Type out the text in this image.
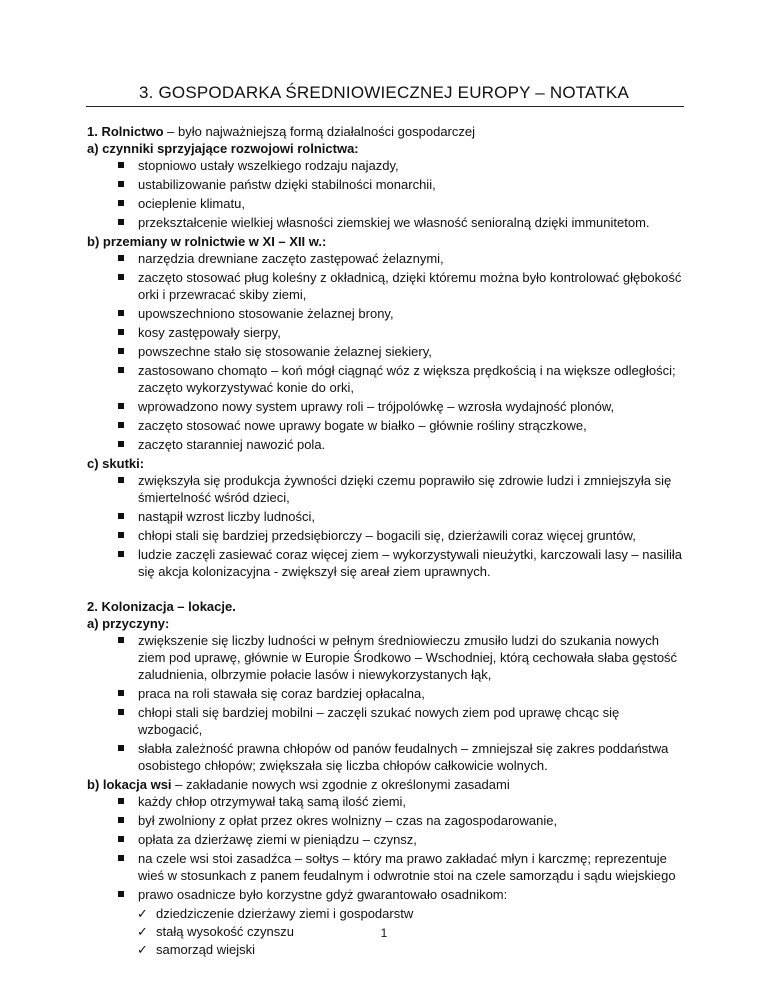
3. GOSPODARKA ŚREDNIOWIECZNEJ EUROPY – NOTATKA
1. Rolnictwo – było najważniejszą formą działalności gospodarczej
a) czynniki sprzyjające rozwojowi rolnictwa:
stopniowo ustały wszelkiego rodzaju najazdy,
ustabilizowanie państw dzięki stabilności monarchii,
ocieplenie klimatu,
przekształcenie wielkiej własności ziemskiej we własność senioralną dzięki immunitetom.
b) przemiany w rolnictwie w XI – XII w.:
narzędzia drewniane zaczęto zastępować żelaznymi,
zaczęto stosować pług koleśny z okładnicą, dzięki któremu można było kontrolować głębokość orki i przewracać skiby ziemi,
upowszechniono stosowanie żelaznej brony,
kosy zastępowały sierpy,
powszechne stało się stosowanie żelaznej siekiery,
zastosowano chomąto – koń mógł ciągnąć wóz z większa prędkością i na większe odległości; zaczęto wykorzystywać konie do orki,
wprowadzono nowy system uprawy roli – trójpolówkę – wzrosła wydajność plonów,
zaczęto stosować nowe uprawy bogate w białko – głównie rośliny strączkowe,
zaczęto staranniej nawozić pola.
c) skutki:
zwiększyła się produkcja żywności dzięki czemu poprawiło się zdrowie ludzi i zmniejszyła się śmiertelność wśród dzieci,
nastąpił wzrost liczby ludności,
chłopi stali się bardziej przedsiębiorczy – bogacili się, dzierżawili coraz więcej gruntów,
ludzie zaczęli zasiewać coraz więcej ziem – wykorzystywali nieużytki, karczowali lasy – nasiliła się akcja kolonizacyjna - zwiększył się areał ziem uprawnych.
2. Kolonizacja – lokacje.
a) przyczyny:
zwiększenie się liczby ludności w pełnym średniowieczu zmusiło ludzi do szukania nowych ziem pod uprawę, głównie w Europie Środkowo – Wschodniej, którą cechowała słaba gęstość zaludnienia, olbrzymie połacie lasów i niewykorzystanych łąk,
praca na roli stawała się coraz bardziej opłacalna,
chłopi stali się bardziej mobilni – zaczęli szukać nowych ziem pod uprawę chcąc się wzbogacić,
słabła zależność prawna chłopów od panów feudalnych – zmniejszał się zakres poddaństwa osobistego chłopów; zwiększała się liczba chłopów całkowicie wolnych.
b) lokacja wsi – zakładanie nowych wsi zgodnie z określonymi zasadami
każdy chłop otrzymywał taką samą ilość ziemi,
był zwolniony z opłat przez okres wolnizny – czas na zagospodarowanie,
opłata za dzierżawę ziemi w pieniądzu – czynsz,
na czele wsi stoi zasadźca – sołtys – który ma prawo zakładać młyn i karczmę; reprezentuje wieś w stosunkach z panem feudalnym i odwrotnie stoi na czele samorządu i sądu wiejskiego
prawo osadnicze było korzystne gdyż gwarantowało osadnikom:
✓ dziedziczenie dzierżawy ziemi i gospodarstw
✓ stałą wysokość czynszu
✓ samorząd wiejski
1
